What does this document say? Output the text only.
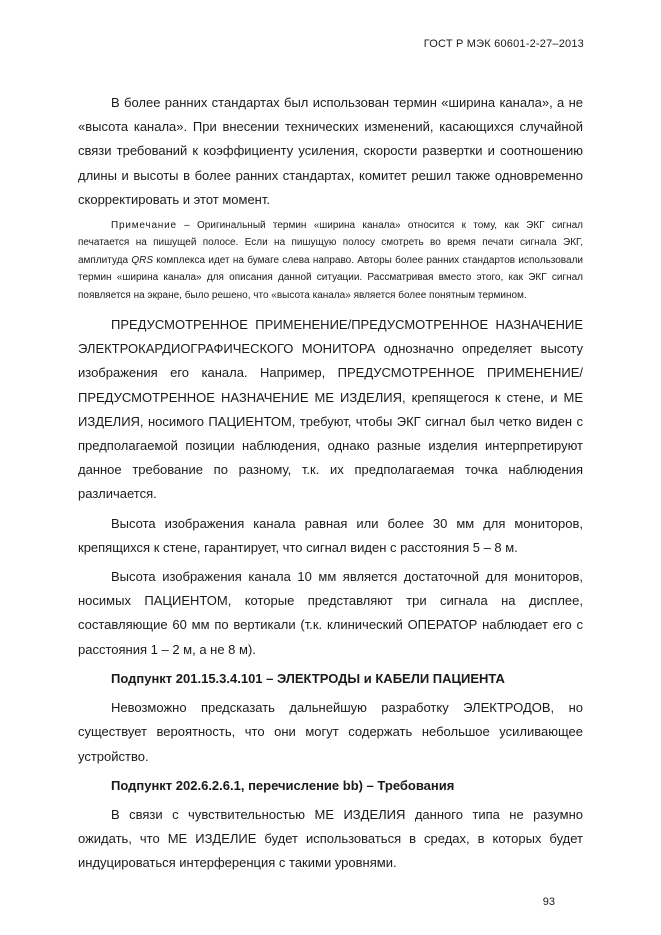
ГОСТ Р МЭК 60601-2-27–2013

В более ранних стандартах был использован термин «ширина канала», а не «высота канала». При внесении технических изменений, касающихся случайной связи требований к коэффициенту усиления, скорости развертки и соотношению длины и высоты в более ранних стандартах, комитет решил также одновременно скорректировать и этот момент.

Примечание – Оригинальный термин «ширина канала» относится к тому, как ЭКГ сигнал печатается на пишущей полосе. Если на пишущую полосу смотреть во время печати сигнала ЭКГ, амплитуда QRS комплекса идет на бумаге слева направо. Авторы более ранних стандартов использовали термин «ширина канала» для описания данной ситуации. Рассматривая вместо этого, как ЭКГ сигнал появляется на экране, было решено, что «высота канала» является более понятным термином.

ПРЕДУСМОТРЕННОЕ ПРИМЕНЕНИЕ/ПРЕДУСМОТРЕННОЕ НАЗНАЧЕНИЕ ЭЛЕКТРОКАРДИОГРАФИЧЕСКОГО МОНИТОРА однозначно определяет высоту изображения его канала. Например, ПРЕДУСМОТРЕННОЕ ПРИМЕНЕНИЕ/ПРЕДУСМОТРЕННОЕ НАЗНАЧЕНИЕ МЕ ИЗДЕЛИЯ, крепящегося к стене, и МЕ ИЗДЕЛИЯ, носимого ПАЦИЕНТОМ, требуют, чтобы ЭКГ сигнал был четко виден с предполагаемой позиции наблюдения, однако разные изделия интерпретируют данное требование по разному, т.к. их предполагаемая точка наблюдения различается.

Высота изображения канала равная или более 30 мм для мониторов, крепящихся к стене, гарантирует, что сигнал виден с расстояния 5 – 8 м.

Высота изображения канала 10 мм является достаточной для мониторов, носимых ПАЦИЕНТОМ, которые представляют три сигнала на дисплее, составляющие 60 мм по вертикали (т.к. клинический ОПЕРАТОР наблюдает его с расстояния 1 – 2 м, а не 8 м).

Подпункт 201.15.3.4.101 – ЭЛЕКТРОДЫ и КАБЕЛИ ПАЦИЕНТА

Невозможно предсказать дальнейшую разработку ЭЛЕКТРОДОВ, но существует вероятность, что они могут содержать небольшое усиливающее устройство.

Подпункт 202.6.2.6.1, перечисление bb) – Требования

В связи с чувствительностью МЕ ИЗДЕЛИЯ данного типа не разумно ожидать, что МЕ ИЗДЕЛИЕ будет использоваться в средах, в которых будет индуцироваться интерференция с такими уровнями.

93
